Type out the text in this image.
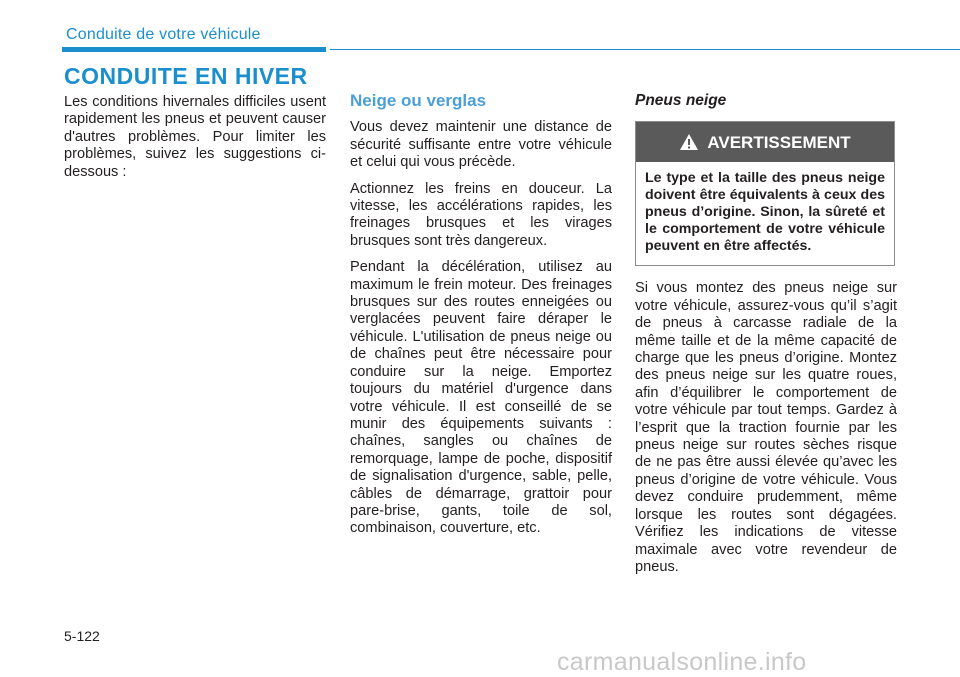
Conduite de votre véhicule
CONDUITE EN HIVER

Les conditions hivernales difficiles usent rapidement les pneus et peuvent causer d'autres problèmes. Pour limiter les problèmes, suivez les suggestions ci-dessous :

Neige ou verglas

Vous devez maintenir une distance de sécurité suffisante entre votre véhicule et celui qui vous précède.

Actionnez les freins en douceur. La vitesse, les accélérations rapides, les freinages brusques et les virages brusques sont très dangereux.

Pendant la décélération, utilisez au maximum le frein moteur. Des freinages brusques sur des routes enneigées ou verglacées peuvent faire déraper le véhicule. L'utilisation de pneus neige ou de chaînes peut être nécessaire pour conduire sur la neige. Emportez toujours du matériel d'urgence dans votre véhicule. Il est conseillé de se munir des équipements suivants : chaînes, sangles ou chaînes de remorquage, lampe de poche, dispositif de signalisation d'urgence, sable, pelle, câbles de démarrage, grattoir pour pare-brise, gants, toile de sol, combinaison, couverture, etc.

Pneus neige
AVERTISSEMENT
Le type et la taille des pneus neige doivent être équivalents à ceux des pneus d’origine. Sinon, la sûreté et le comportement de votre véhicule peuvent en être affectés.

Si vous montez des pneus neige sur votre véhicule, assurez-vous qu’il s’agit de pneus à carcasse radiale de la même taille et de la même capacité de charge que les pneus d’origine. Montez des pneus neige sur les quatre roues, afin d’équilibrer le comportement de votre véhicule par tout temps. Gardez à l’esprit que la traction fournie par les pneus neige sur routes sèches risque de ne pas être aussi élevée qu’avec les pneus d’origine de votre véhicule. Vous devez conduire prudemment, même lorsque les routes sont dégagées. Vérifiez les indications de vitesse maximale avec votre revendeur de pneus.

5-122
carmanualsonline.info
